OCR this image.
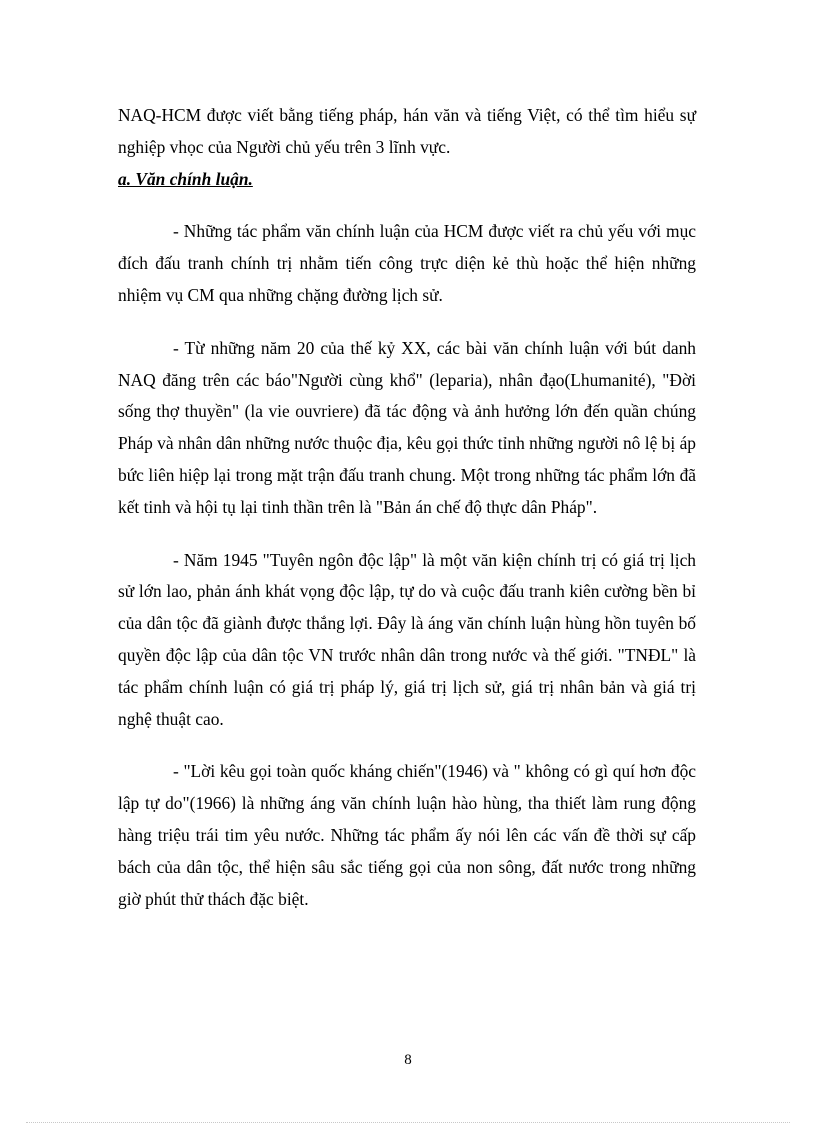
NAQ-HCM được viết bằng tiếng pháp, hán văn và tiếng Việt, có thể tìm hiểu sự nghiệp vhọc của Người chủ yếu trên 3 lĩnh vực.

a. Văn chính luận.

- Những tác phẩm văn chính luận của HCM được viết ra chủ yếu với mục đích đấu tranh chính trị nhằm tiến công trực diện kẻ thù hoặc thể hiện những nhiệm vụ CM qua những chặng đường lịch sử.

- Từ những năm 20 của thế kỷ XX, các bài văn chính luận với bút danh NAQ đăng trên các báo"Người cùng khổ" (leparia), nhân đạo(Lhumanité), "Đời sống thợ thuyền" (la vie ouvriere) đã tác động và ảnh hưởng lớn đến quần chúng Pháp và nhân dân những nước thuộc địa, kêu gọi thức tỉnh những người nô lệ bị áp bức liên hiệp lại trong mặt trận đấu tranh chung. Một trong những tác phẩm lớn đã kết tinh và hội tụ lại tinh thần trên là "Bản án chế độ thực dân Pháp".

- Năm 1945 "Tuyên ngôn độc lập" là một văn kiện chính trị có giá trị lịch sử lớn lao, phản ánh khát vọng độc lập, tự do và cuộc đấu tranh kiên cường bền bỉ của dân tộc đã giành được thắng lợi. Đây là áng văn chính luận hùng hồn tuyên bố quyền độc lập của dân tộc VN trước nhân dân trong nước và thế giới. "TNĐL" là tác phẩm chính luận có giá trị pháp lý, giá trị lịch sử, giá trị nhân bản và giá trị nghệ thuật cao.

- "Lời kêu gọi toàn quốc kháng chiến"(1946) và " không có gì quí hơn độc lập tự do"(1966) là những áng văn chính luận hào hùng, tha thiết làm rung động hàng triệu trái tim yêu nước. Những tác phẩm ấy nói lên các vấn đề thời sự cấp bách của dân tộc, thể hiện sâu sắc tiếng gọi của non sông, đất nước trong những giờ phút thử thách đặc biệt.

8
